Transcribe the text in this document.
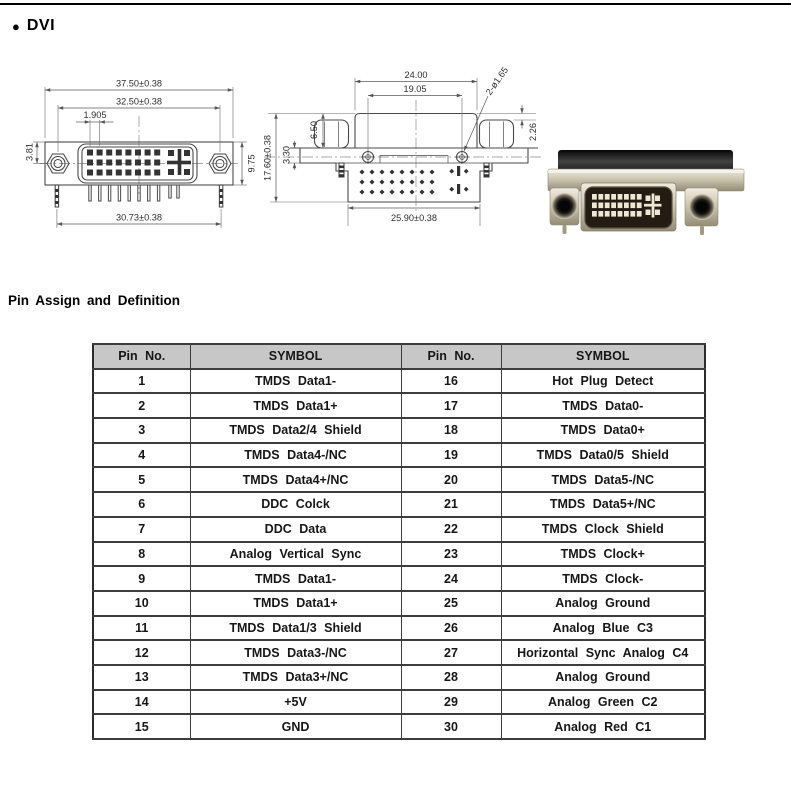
● DVI
37.50±0.38
32.50±0.38
1.905
3.81
9.75
30.73±0.38
24.00
19.05
6.50
3.30
17.60±0.38
2.26
2-ø1.65
25.90±0.38
Pin Assign and Definition
Pin No.	SYMBOL	Pin No.	SYMBOL
1	TMDS Data1-	16	Hot Plug Detect
2	TMDS Data1+	17	TMDS Data0-
3	TMDS Data2/4 Shield	18	TMDS Data0+
4	TMDS Data4-/NC	19	TMDS Data0/5 Shield
5	TMDS Data4+/NC	20	TMDS Data5-/NC
6	DDC Colck	21	TMDS Data5+/NC
7	DDC Data	22	TMDS Clock Shield
8	Analog Vertical Sync	23	TMDS Clock+
9	TMDS Data1-	24	TMDS Clock-
10	TMDS Data1+	25	Analog Ground
11	TMDS Data1/3 Shield	26	Analog Blue C3
12	TMDS Data3-/NC	27	Horizontal Sync Analog C4
13	TMDS Data3+/NC	28	Analog Ground
14	+5V	29	Analog Green C2
15	GND	30	Analog Red C1
